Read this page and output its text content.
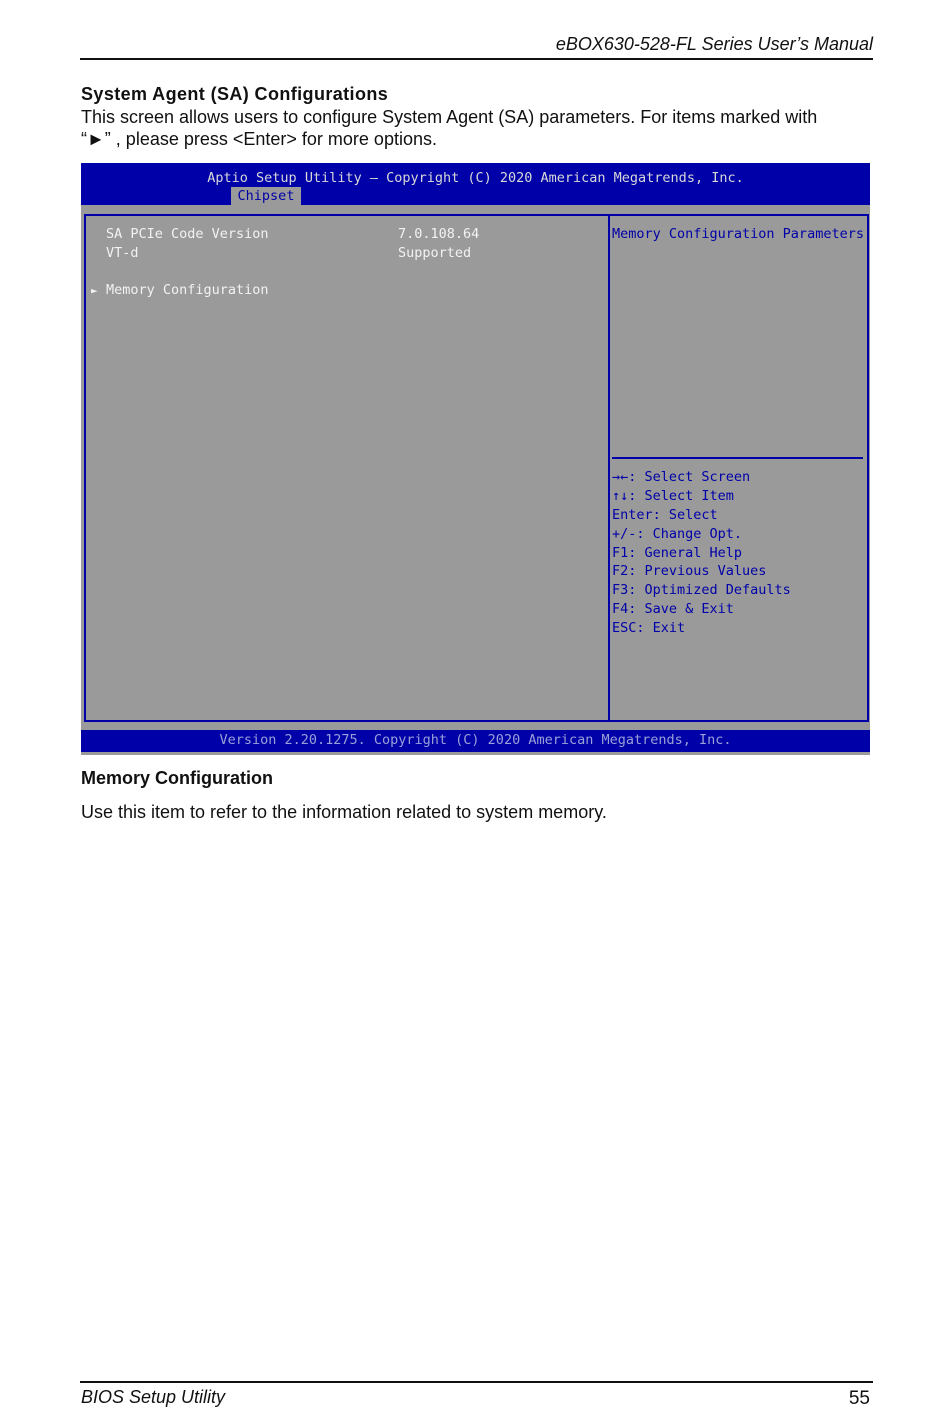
eBOX630-528-FL Series User’s Manual
System Agent (SA) Configurations
This screen allows users to configure System Agent (SA) parameters. For items marked with
“►” , please press <Enter> for more options.
Aptio Setup Utility – Copyright (C) 2020 American Megatrends, Inc.
Chipset
SA PCIe Code Version	7.0.108.64
VT-d	Supported
► Memory Configuration
Memory Configuration Parameters
→←: Select Screen
↑↓: Select Item
Enter: Select
+/-: Change Opt.
F1: General Help
F2: Previous Values
F3: Optimized Defaults
F4: Save & Exit
ESC: Exit
Version 2.20.1275. Copyright (C) 2020 American Megatrends, Inc.
Memory Configuration
Use this item to refer to the information related to system memory.
BIOS Setup Utility	55
